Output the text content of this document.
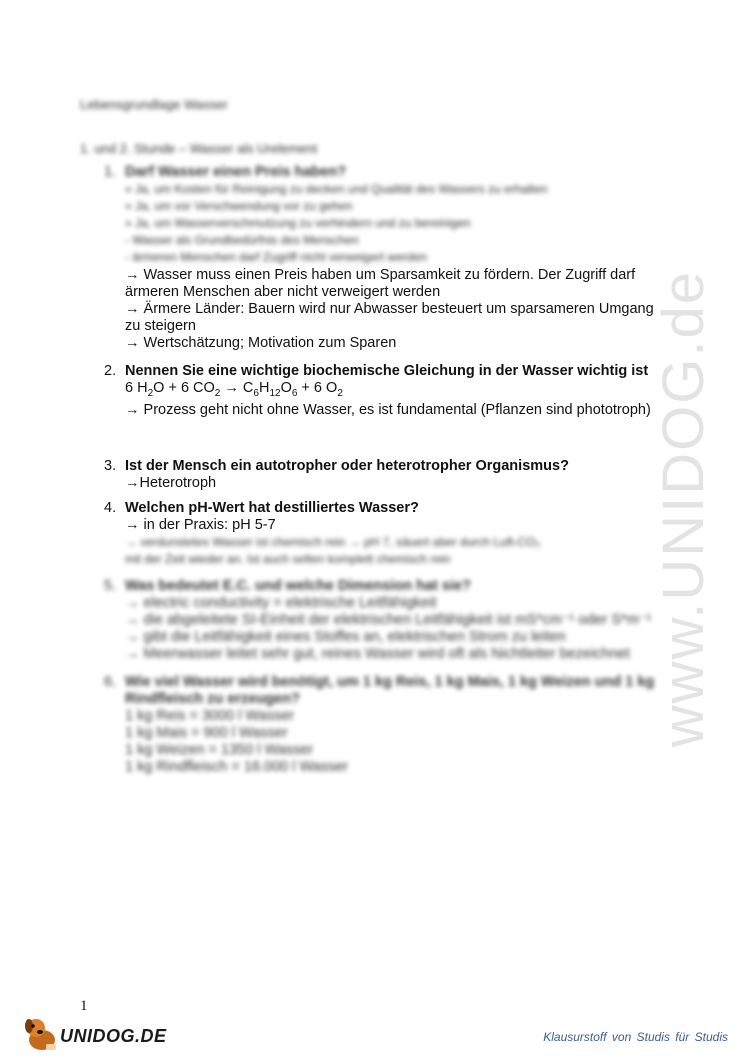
www.UNIDOG.de
Lebensgrundlage Wasser
1. und 2. Stunde – Wasser als Urelement
1. Darf Wasser einen Preis haben?
» Ja, um Kosten für Reinigung zu decken und Qualität des Wassers zu erhalten
» Ja, um vor Verschwendung vor zu gehen
» Ja, um Wasserverschmutzung zu verhindern und zu bereinigen
- Wasser als Grundbedürfnis des Menschen
- ärmeren Menschen darf Zugriff nicht verweigert werden
→ Wasser muss einen Preis haben um Sparsamkeit zu fördern. Der Zugriff darf ärmeren Menschen aber nicht verweigert werden
→ Ärmere Länder: Bauern wird nur Abwasser besteuert um sparsameren Umgang zu steigern
→ Wertschätzung; Motivation zum Sparen
2. Nennen Sie eine wichtige biochemische Gleichung in der Wasser wichtig ist
6 $H_2O + 6$ $CO_2 \to C_6H_{12}O_6 + 6$ $O_2$
→ Prozess geht nicht ohne Wasser, es ist fundamental (Pflanzen sind phototroph)
3. Ist der Mensch ein autotropher oder heterotropher Organismus?
→Heterotroph
4. Welchen pH-Wert hat destilliertes Wasser?
→ in der Praxis: pH 5-7
→ verdunstetes Wasser ist chemisch rein → pH 7, säuert aber durch Luft-CO₂
mit der Zeit wieder an. Ist auch selten komplett chemisch rein
5. Was bedeutet E.C. und welche Dimension hat sie?
→ electric conductivity = elektrische Leitfähigkeit
→ die abgeleitete SI-Einheit der elektrischen Leitfähigkeit ist mS*cm⁻¹ oder S*m⁻¹
→ gibt die Leitfähigkeit eines Stoffes an, elektrischen Strom zu leiten
→ Meerwasser leitet sehr gut, reines Wasser wird oft als Nichtleiter bezeichnet
6. Wie viel Wasser wird benötigt, um 1 kg Reis, 1 kg Mais, 1 kg Weizen und 1 kg Rindfleisch zu erzeugen?
1 kg Reis = 3000 l Wasser
1 kg Mais = 900 l Wasser
1 kg Weizen = 1350 l Wasser
1 kg Rindfleisch = 16.000 l Wasser
1
UNIDOG.DE	Klausurstoff von Studis für Studis
